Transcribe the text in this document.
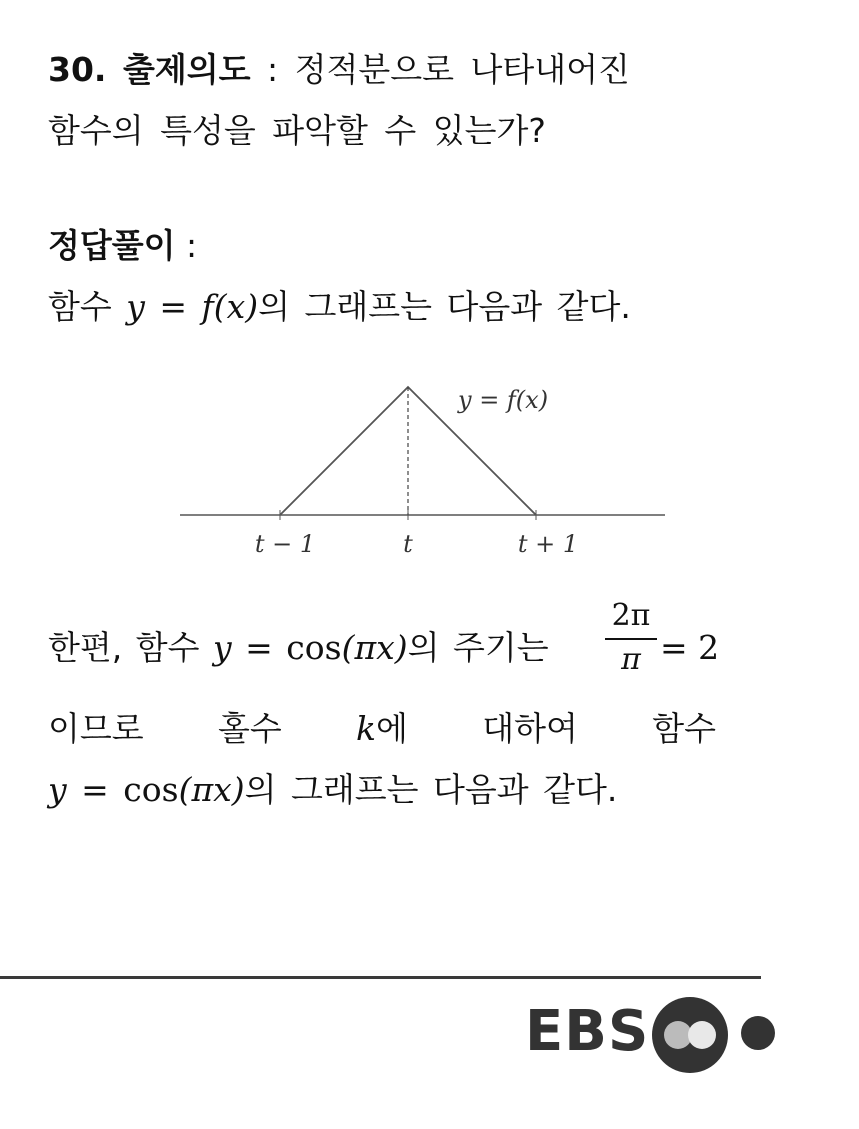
30. 출제의도 : 정적분으로 나타내어진
함수의 특성을 파악할 수 있는가?
정답풀이 :
함수 y = f(x)의 그래프는 다음과 같다.
y = f(x)
t − 1	t	t + 1
한편, 함수 y = cos(πx)의 주기는 $\frac{2\pi}{\pi} = 2$
이므로 홀수 k에 대하여 함수
y = cos(πx)의 그래프는 다음과 같다.
EBS
